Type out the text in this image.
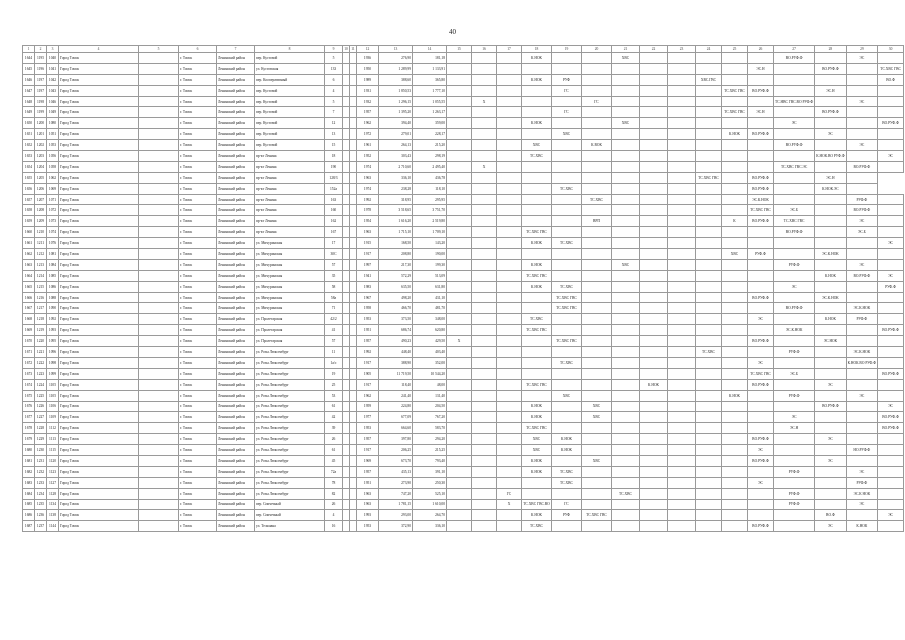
40
1	2	3	4	5	6	7	8	9	10	11	12	13	14	15	16	17	18	19	20	21	22	23	24	25	26	27	28	29	30
1644	1195	1040	Город Томск		г. Томск	Ленинский район	пер. Кустовой	5			1936	276,90	181,18				К.НОК			ХВС						ВО.РУФ.Ф		ЭС	
1645	1196	1041	Город Томск		г. Томск	Ленинский район	ул. Кустовская	133			1950	1 289,99	1 133,91												ЭС.Н		ВО.РУФ.Ф		ТС.ХВС ГВС
1646	1197	1042	Город Томск		г. Томск	Ленинский район	пер. Кооперативный	6			1989	388,60	365,80				К.НОК	РУФ					ХВС.ГВС						ВО.Ф
1647	1197	1043	Город Томск		г. Томск	Ленинский район	пер. Кустовой	4			1931	1 850,53	1 777,10					ГС						ТС.ХВС ГВС	ВО.РУФ.Ф		ЭС.Н		
1648	1198	1046	Город Томск		г. Томск	Ленинский район	пер. Кустовой	5			1932	1 296,15	1 055,55		X				ГС							ТС.НВС ГВС.ВО РУФ.Ф		ЭС	
1649	1199	1049	Город Томск		г. Томск	Ленинский район	пер. Кустовой	7			1957	1 395,20	1 263,17					ГС						ТС.ХВС ГВС	ЭС.Н		ВО.РУФ.Ф		
1650	1200	1080	Город Томск		г. Томск	Ленинский район	пер. Кустовой	12			1962	394,40	359,00				К.НОК			ХВС						ЭС			ВО.РУФ.Ф
1651	1201	1051	Город Томск		г. Томск	Ленинский район	пер. Кустовой	13			1972	279,01	228,17					ХВС						К.НОК	ВО.РУФ.Ф		ЭС		
1652	1202	1053	Город Томск		г. Томск	Ленинский район	пер. Кустовой	15			1961	264,13	215,20				ХВС		К.ВОК							ВО.РУФ.Ф		ЭС	
1653	1203	1056	Город Томск		г. Томск	Ленинский район	пр-кт Ленина	18			1952	303,43	298,19				ТС.ХВС										К.НОК.ВО РУФ.Ф		ЭС
1654	1204	1058	Город Томск		г. Томск	Ленинский район	пр-кт Ленина	190			1974	2 710,60	2 495,40		X											ТС.ХВС ГВС.ЭС		ВО.РУФ.Ф	
1655	1205	1062	Город Томск		г. Томск	Ленинский район	пр-кт Ленина	128/3			1963	336,10	436,78										ТС.ХВС ГВС		ВО.РУФ.Ф		ЭС.Н		
1656	1206	1069	Город Томск		г. Томск	Ленинский район	пр-кт Ленина	152а			1974	238,28	118,10					ТС.ХВС							ВО.РУФ.Ф		К.НОК.ЭС		
1657	1207	1071	Город Томск		г. Томск	Ленинский район	пр-кт Ленина	163			1992	318,95	295,95						ТС.ХВС						ЭС.К.НОК			РУФ.Ф	
1658	1208	1072	Город Томск		г. Томск	Ленинский район	пр-кт Ленина	160			1978	3 518,65	3 751,70												ТС.ХВС ГВС	ЭС.Б		ВО.РУФ.Ф	
1659	1209	1073	Город Томск		г. Томск	Ленинский район	пр-кт Ленина	162			1954	1 616,20	2 519,80						ВРП					К	ВО.РУФ.Ф	ТС.ХВС ГВС		ЭС	
1660	1210	1074	Город Томск		г. Томск	Ленинский район	пр-кт Ленина	167			1963	1 715,10	1 709,10				ТС.ХВС ГВС									ВО.РУФ.Ф		ЭС.Б	
1661	1211	1076	Город Томск		г. Томск	Ленинский район	ул. Мичуринская	17			1915	168,50	143,20				К.НОК	ТС.ХВС											ЭС
1662	1212	1081	Город Томск		г. Томск	Ленинский район	ул. Мичуринская	30С			1917	208,80	190,00											ХВС	РУФ.Ф		ЭС.К.НОК		
1663	1213	1084	Город Томск		г. Томск	Ленинский район	ул. Мичуринская	57			1997	217,30	199,30				К.НОК			ХВС						РУФ.Ф		ЭС	
1664	1214	1085	Город Томск		г. Томск	Ленинский район	ул. Мичуринская	35			1941	572,29	513,09				ТС.ХВС ГВС										К.НОК	ВО.РУФ.Ф	ЭС
1665	1215	1086	Город Томск		г. Томск	Ленинский район	ул. Мичуринская	58			1983	635,50	631,80				К.НОК	ТС.ХВС								ЭС			РУФ.Ф
1666	1216	1088	Город Томск		г. Томск	Ленинский район	ул. Мичуринская	58а			1967	498,20	431,10					ТС.ХВС ГВС							ВО.РУФ.Ф		ЭС.К.НОК		
1667	1217	1090	Город Томск		г. Томск	Ленинский район	ул. Мичуринская	71			1958	466,70	481,70					ТС.ХВС ГВС								ВО.РУФ.Ф		ЭС.К.НОК	
1668	1218	1092	Город Томск		г. Томск	Ленинский район	ул. Пролетарская	42/2			1953	373,50	348,00				ТС.ХВС								ЭС		К.НОК	РУФ.Ф	
1669	1219	1093	Город Томск		г. Томск	Ленинский район	ул. Пролетарская	41			1951	686,74	620,80				ТС.ХВС ГВС									ЭС.К.НОК			ВО.РУФ.Ф
1670	1220	1095	Город Томск		г. Томск	Ленинский район	ул. Пролетарская	57			1957	490,23	429,50	X				ТС.ХВС ГВС							ВО.РУФ.Ф		ЭС.НОК		
1671	1221	1096	Город Томск		г. Томск	Ленинский район	ул. Розы Люксембург	11			1992	448,40	403,40										ТС.ХВС			РУФ.Ф		ЭС.К.НОК	
1672	1222	1098	Город Томск		г. Томск	Ленинский район	ул. Розы Люксембург	1а/с			1917	388,90	352,00					ТС.ХВС							ЭС			К.НОК.ВО РУФ.Ф	
1673	1223	1099	Город Томск		г. Томск	Ленинский район	ул. Розы Люксембург	19			1905	11 719,50	10 544,20												ТС.ХВС ГВС	ЭС.Б			ВО.РУФ.Ф
1674	1224	1105	Город Томск		г. Томск	Ленинский район	ул. Розы Люксембург	25			1917	118,40	48,00				ТС.ХВС ГВС				К.НОК				ВО.РУФ.Ф		ЭС		
1675	1225	1105	Город Томск		г. Томск	Ленинский район	ул. Розы Люксембург	53			1962	241,40	131,40					ХВС						К.НОК		РУФ.Ф		ЭС	
1676	1226	1106	Город Томск		г. Томск	Ленинский район	ул. Розы Люксембург	61			1959	224,80	204,50				К.НОК		ХВС								ВО.РУФ.Ф		ЭС
1677	1227	1109	Город Томск		г. Томск	Ленинский район	ул. Розы Люксембург	42			1977	677,09	767,20				К.НОК		ХВС							ЭС			ВО.РУФ.Ф
1678	1228	1112	Город Томск		г. Томск	Ленинский район	ул. Розы Люксембург	39			1953	664,60	583,70				ТС.ХВС ГВС									ЭС.Н			ВО.РУФ.Ф
1679	1229	1113	Город Томск		г. Томск	Ленинский район	ул. Розы Люксембург	26			1957	397,80	294,20				ХВС	К.НОК							ВО.РУФ.Ф		ЭС		
1680	1230	1115	Город Томск		г. Томск	Ленинский район	ул. Розы Люксембург	61			1917	206,25	215,25				ХВС	К.НОК							ЭС			НО.РУФ.Ф	
1681	1231	1120	Город Томск		г. Томск	Ленинский район	ул. Розы Люксембург	45			1969	673,70	793,40				К.НОК		ХВС						ВО.РУФ.Ф		ЭС		
1682	1232	1123	Город Томск		г. Томск	Ленинский район	ул. Розы Люксембург	72а			1957	435,13	391,10				К.НОК	ТС.ХВС								РУФ.Ф		ЭС	
1683	1233	1127	Город Томск		г. Томск	Ленинский район	ул. Розы Люксембург	78			1951	273,90	250,30					ТС.ХВС							ЭС			РУФ.Ф	
1684	1234	1128	Город Томск		г. Томск	Ленинский район	ул. Розы Люксембург	82			1963	747,20	525,10			ГС				ТС.ХВС						РУФ.Ф		ЭС.К НОК	
1685	1235	1134	Город Томск		г. Томск	Ленинский район	пер. Спичечный	26			1963	1 781,15	1 610,00			X	ТС.ХВС ГВС.ВО	ГС								РУФ.Ф		ЭС	
1686	1236	1138	Город Томск		г. Томск	Ленинский район	пер. Спичечный	4			1993	293,00	264,70				К.НОК	РУФ	ТС.ХВС ГВС								ВО.Ф		ЭС
1687	1237	1144	Город Томск		г. Томск	Ленинский район	ул. Тельмана	16			1953	372,90	336,10				ТС.ХВС								ВО.РУФ.Ф		ЭС	К.НОК	
